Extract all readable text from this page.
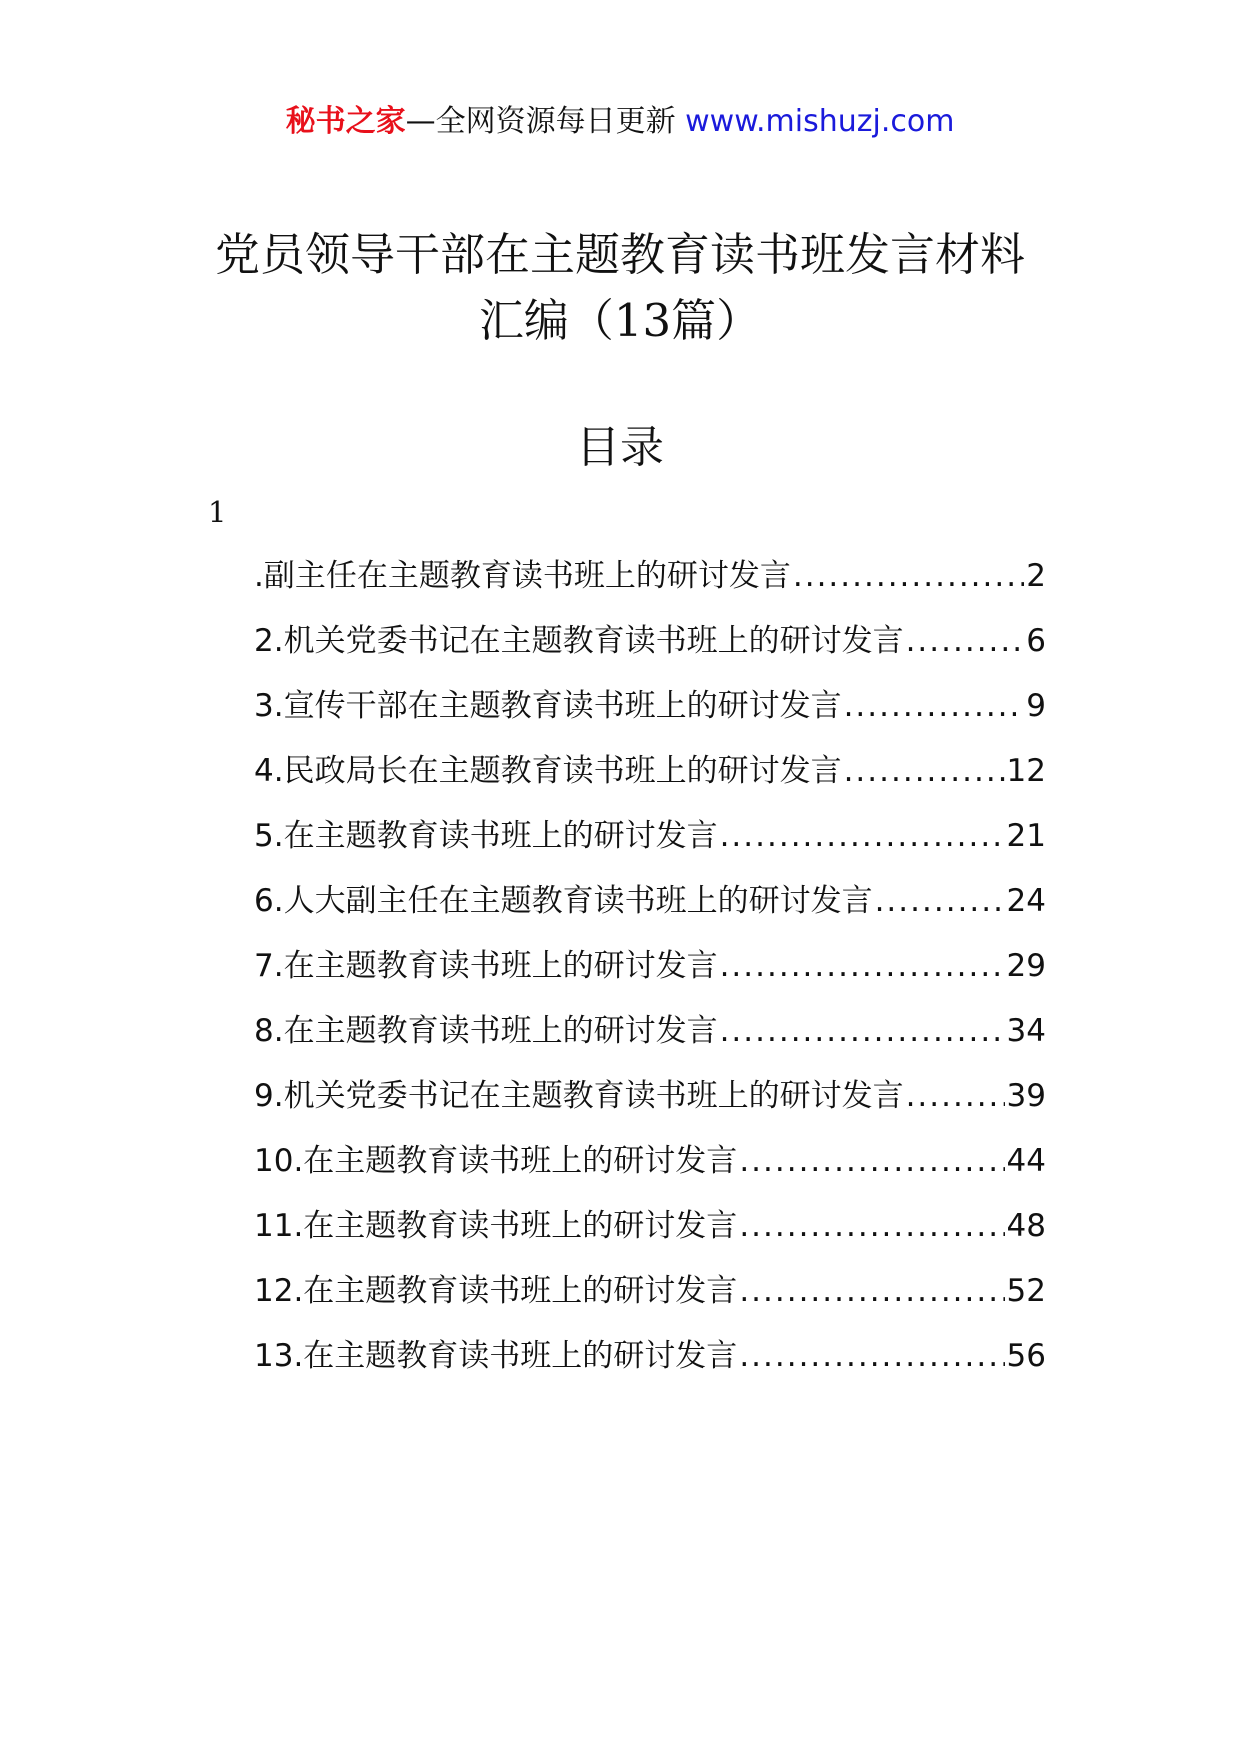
秘书之家—全网资源每日更新 www.mishuzj.com
党员领导干部在主题教育读书班发言材料
汇编（13篇）
目录
1
.副主任在主题教育读书班上的研讨发言 .....	2
2.机关党委书记在主题教育读书班上的研讨发言 .....	6
3.宣传干部在主题教育读书班上的研讨发言 .....	9
4.民政局长在主题教育读书班上的研讨发言 .....	12
5.在主题教育读书班上的研讨发言 .....	21
6.人大副主任在主题教育读书班上的研讨发言 .....	24
7.在主题教育读书班上的研讨发言 .....	29
8.在主题教育读书班上的研讨发言 .....	34
9.机关党委书记在主题教育读书班上的研讨发言 .....	39
10.在主题教育读书班上的研讨发言 .....	44
11.在主题教育读书班上的研讨发言 .....	48
12.在主题教育读书班上的研讨发言 .....	52
13.在主题教育读书班上的研讨发言 .....	56
